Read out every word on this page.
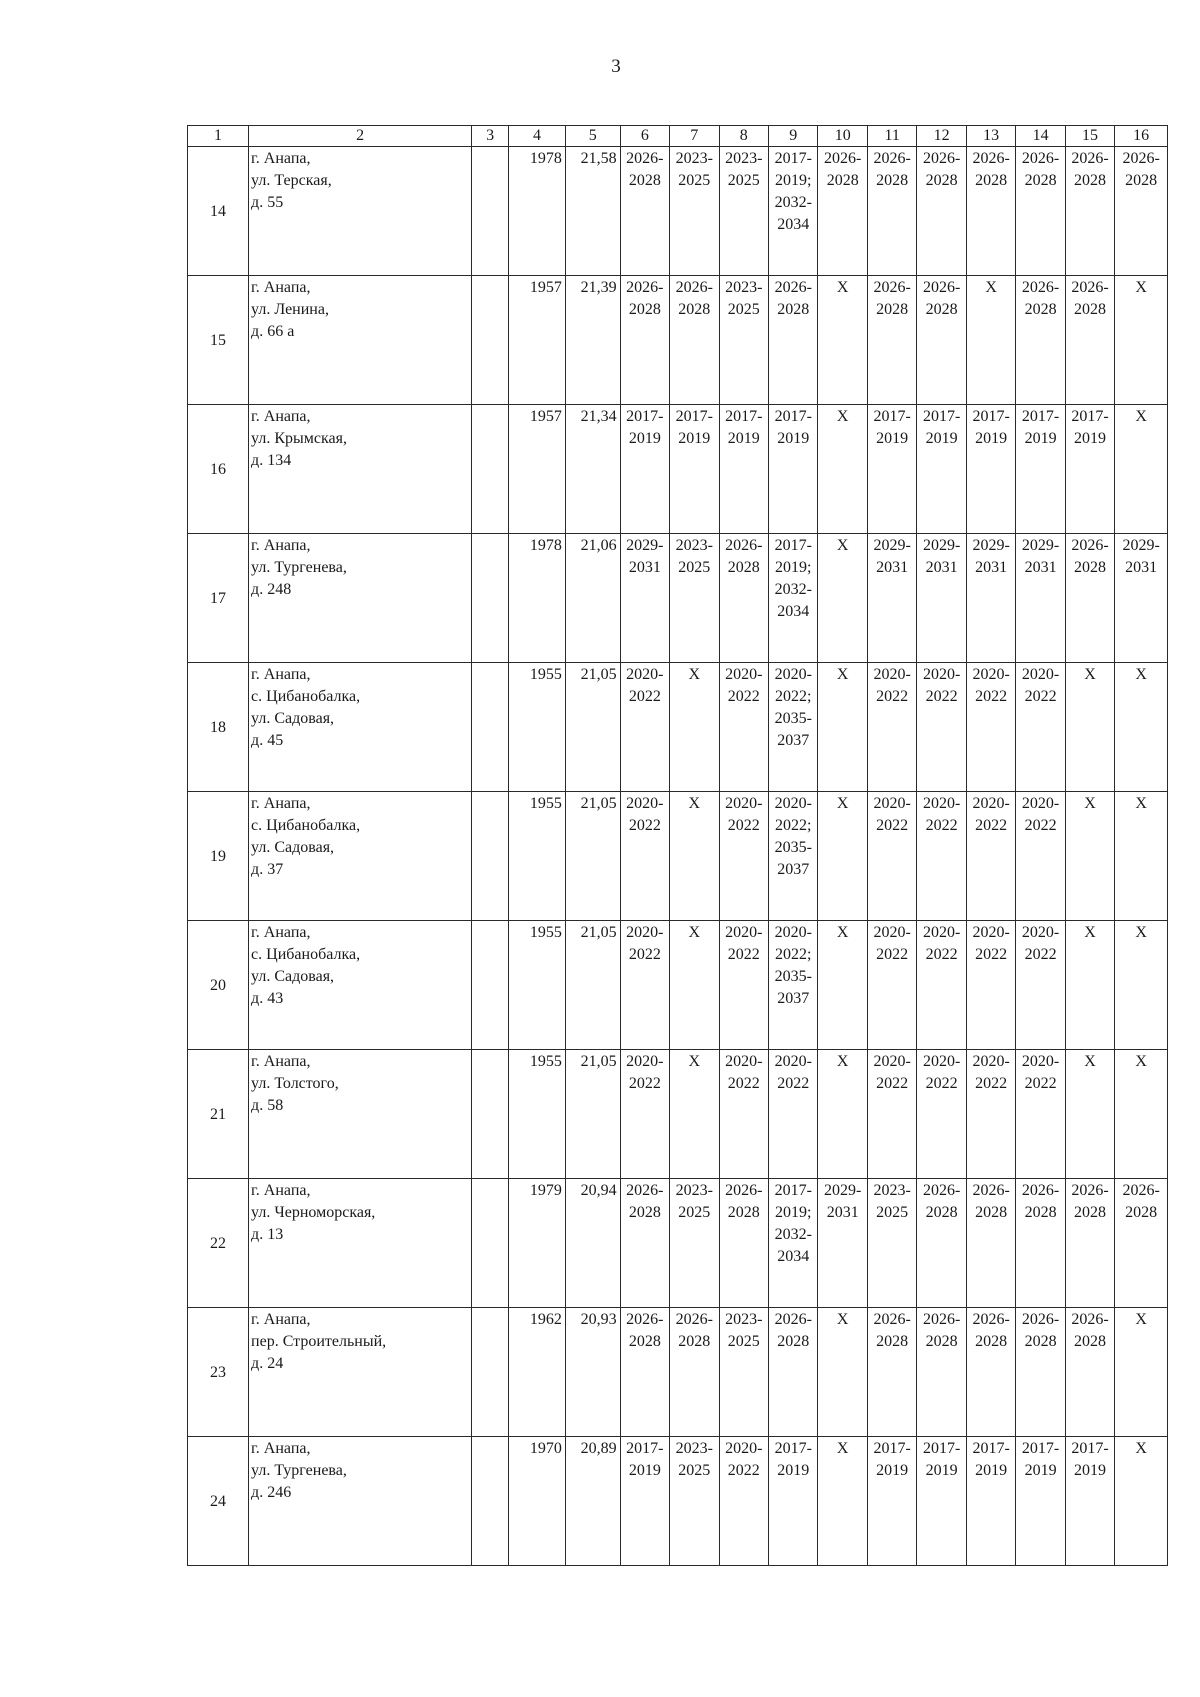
3
1	2	3	4	5	6	7	8	9	10	11	12	13	14	15	16
14	г. Анапа,
ул. Терская,
д. 55		1978	21,58	2026-
2028	2023-
2025	2023-
2025	2017-
2019;
2032-
2034	2026-
2028	2026-
2028	2026-
2028	2026-
2028	2026-
2028	2026-
2028	2026-
2028

15	г. Анапа,
ул. Ленина,
д. 66 а		1957	21,39	2026-
2028	2026-
2028	2023-
2025	2026-
2028	Х	2026-
2028	2026-
2028	Х	2026-
2028	2026-
2028	Х

16	г. Анапа,
ул. Крымская,
д. 134		1957	21,34	2017-
2019	2017-
2019	2017-
2019	2017-
2019	Х	2017-
2019	2017-
2019	2017-
2019	2017-
2019	2017-
2019	Х

17	г. Анапа,
ул. Тургенева,
д. 248		1978	21,06	2029-
2031	2023-
2025	2026-
2028	2017-
2019;
2032-
2034	Х	2029-
2031	2029-
2031	2029-
2031	2029-
2031	2026-
2028	2029-
2031

18	г. Анапа,
с. Цибанобалка,
ул. Садовая,
д. 45		1955	21,05	2020-
2022	Х	2020-
2022	2020-
2022;
2035-
2037	Х	2020-
2022	2020-
2022	2020-
2022	2020-
2022	Х	Х

19	г. Анапа,
с. Цибанобалка,
ул. Садовая,
д. 37		1955	21,05	2020-
2022	Х	2020-
2022	2020-
2022;
2035-
2037	Х	2020-
2022	2020-
2022	2020-
2022	2020-
2022	Х	Х

20	г. Анапа,
с. Цибанобалка,
ул. Садовая,
д. 43		1955	21,05	2020-
2022	Х	2020-
2022	2020-
2022;
2035-
2037	Х	2020-
2022	2020-
2022	2020-
2022	2020-
2022	Х	Х

21	г. Анапа,
ул. Толстого,
д. 58		1955	21,05	2020-
2022	Х	2020-
2022	2020-
2022	Х	2020-
2022	2020-
2022	2020-
2022	2020-
2022	Х	Х

22	г. Анапа,
ул. Черноморская,
д. 13		1979	20,94	2026-
2028	2023-
2025	2026-
2028	2017-
2019;
2032-
2034	2029-
2031	2023-
2025	2026-
2028	2026-
2028	2026-
2028	2026-
2028	2026-
2028

23	г. Анапа,
пер. Строительный,
д. 24		1962	20,93	2026-
2028	2026-
2028	2023-
2025	2026-
2028	Х	2026-
2028	2026-
2028	2026-
2028	2026-
2028	2026-
2028	Х

24	г. Анапа,
ул. Тургенева,
д. 246		1970	20,89	2017-
2019	2023-
2025	2020-
2022	2017-
2019	Х	2017-
2019	2017-
2019	2017-
2019	2017-
2019	2017-
2019	Х
